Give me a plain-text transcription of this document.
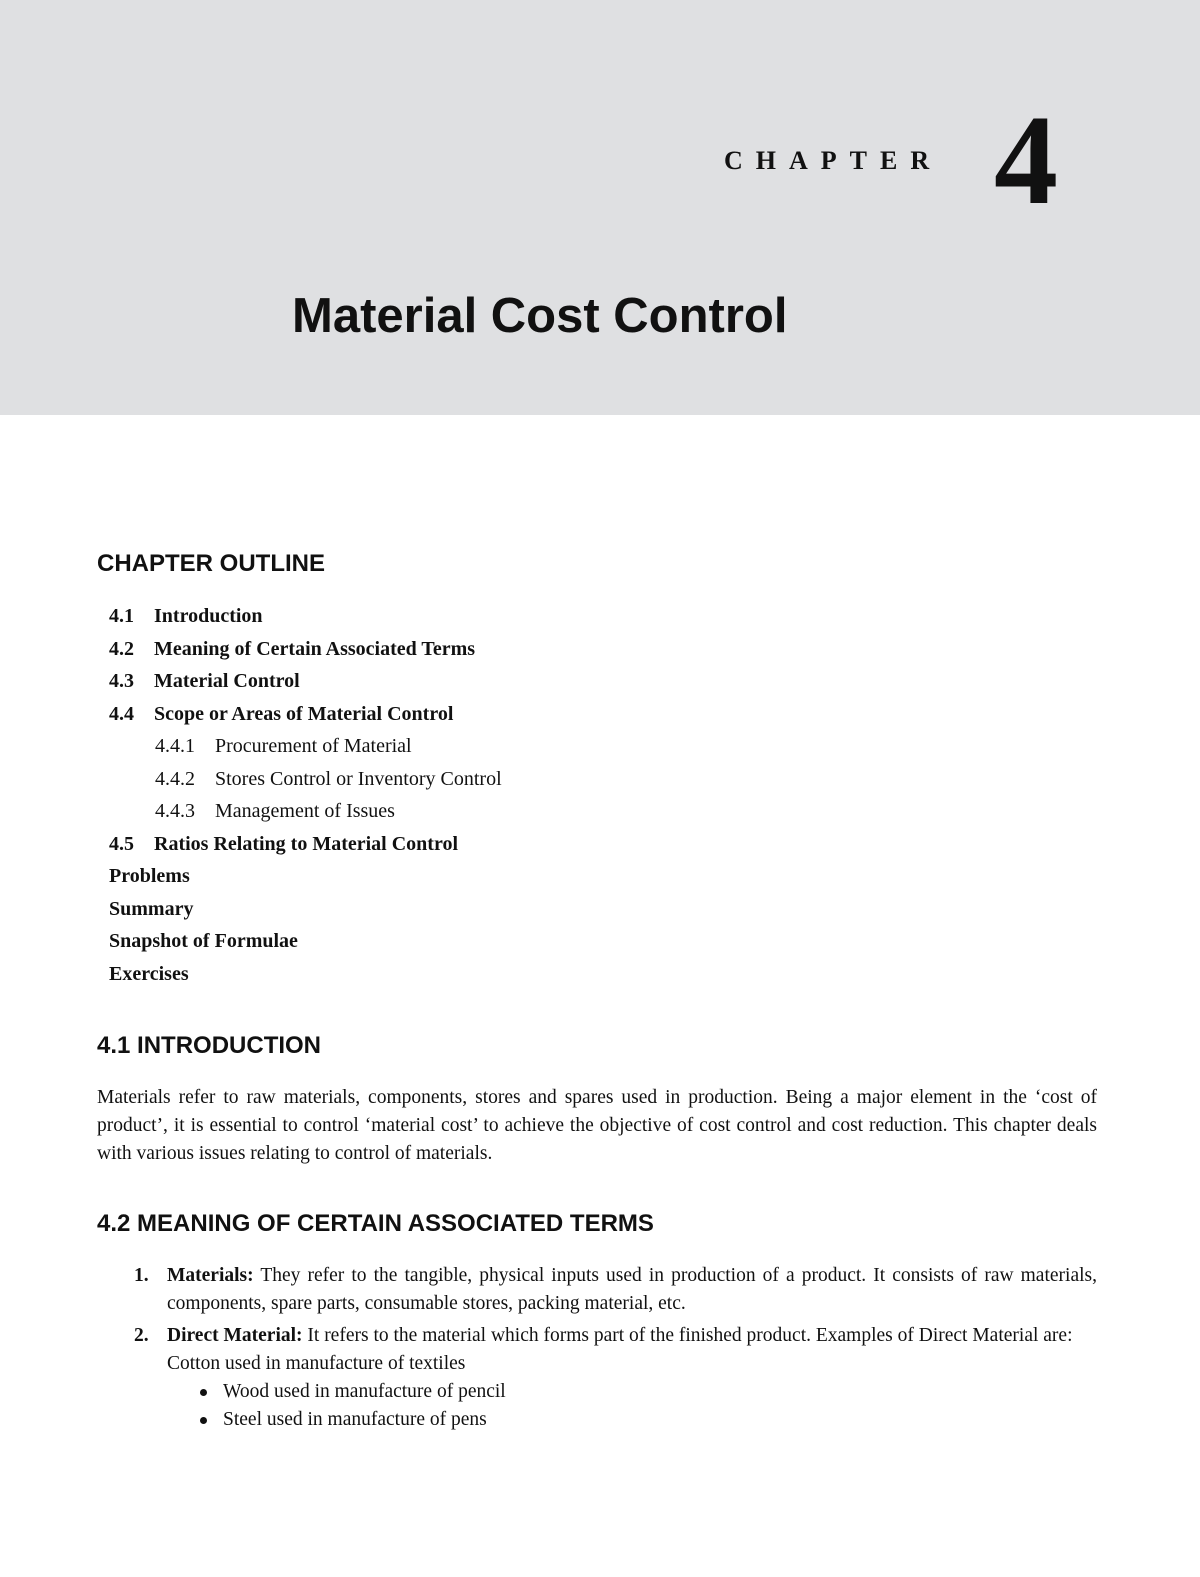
CHAPTER 4
Material Cost Control
CHAPTER OUTLINE
4.1 Introduction
4.2 Meaning of Certain Associated Terms
4.3 Material Control
4.4 Scope or Areas of Material Control
4.4.1 Procurement of Material
4.4.2 Stores Control or Inventory Control
4.4.3 Management of Issues
4.5 Ratios Relating to Material Control
Problems
Summary
Snapshot of Formulae
Exercises
4.1 INTRODUCTION

Materials refer to raw materials, components, stores and spares used in production. Being a major element in the ‘cost of product’, it is essential to control ‘material cost’ to achieve the objective of cost control and cost reduction. This chapter deals with various issues relating to control of materials.

4.2 MEANING OF CERTAIN ASSOCIATED TERMS
1. Materials: They refer to the tangible, physical inputs used in production of a product. It consists of raw materials, components, spare parts, consumable stores, packing material, etc.
2. Direct Material: It refers to the material which forms part of the finished product. Examples of Direct Material are:
Cotton used in manufacture of textiles
Wood used in manufacture of pencil
Steel used in manufacture of pens
